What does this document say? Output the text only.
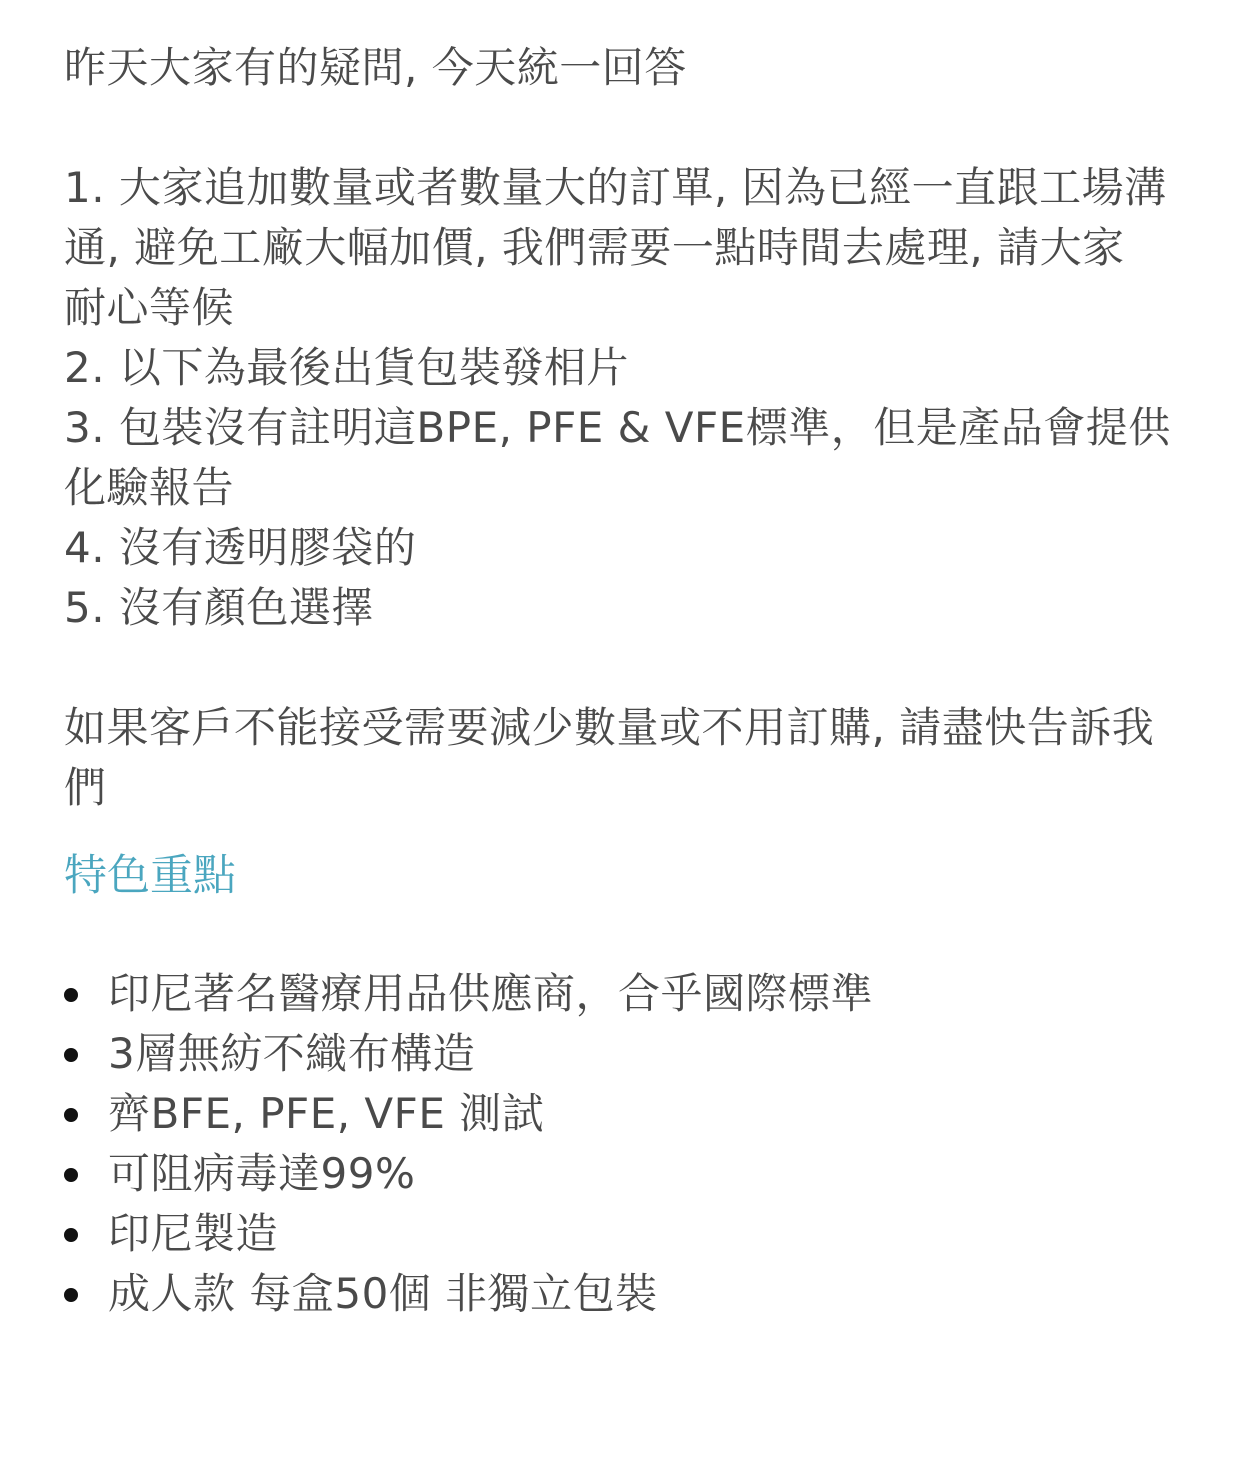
昨天大家有的疑問, 今天統一回答
1. 大家追加數量或者數量大的訂單, 因為已經一直跟工場溝
通, 避免工廠大幅加價, 我們需要一點時間去處理, 請大家
耐心等候
2. 以下為最後出貨包裝發相片
3. 包裝沒有註明這BPE, PFE & VFE標準，但是產品會提供
化驗報告
4. 沒有透明膠袋的
5. 沒有顏色選擇
如果客戶不能接受需要減少數量或不用訂購, 請盡快告訴我
們
特色重點
印尼著名醫療用品供應商，合乎國際標準
3層無紡不織布構造
齊BFE, PFE, VFE 測試
可阻病毒達99%
印尼製造
成人款 每盒50個 非獨立包裝
